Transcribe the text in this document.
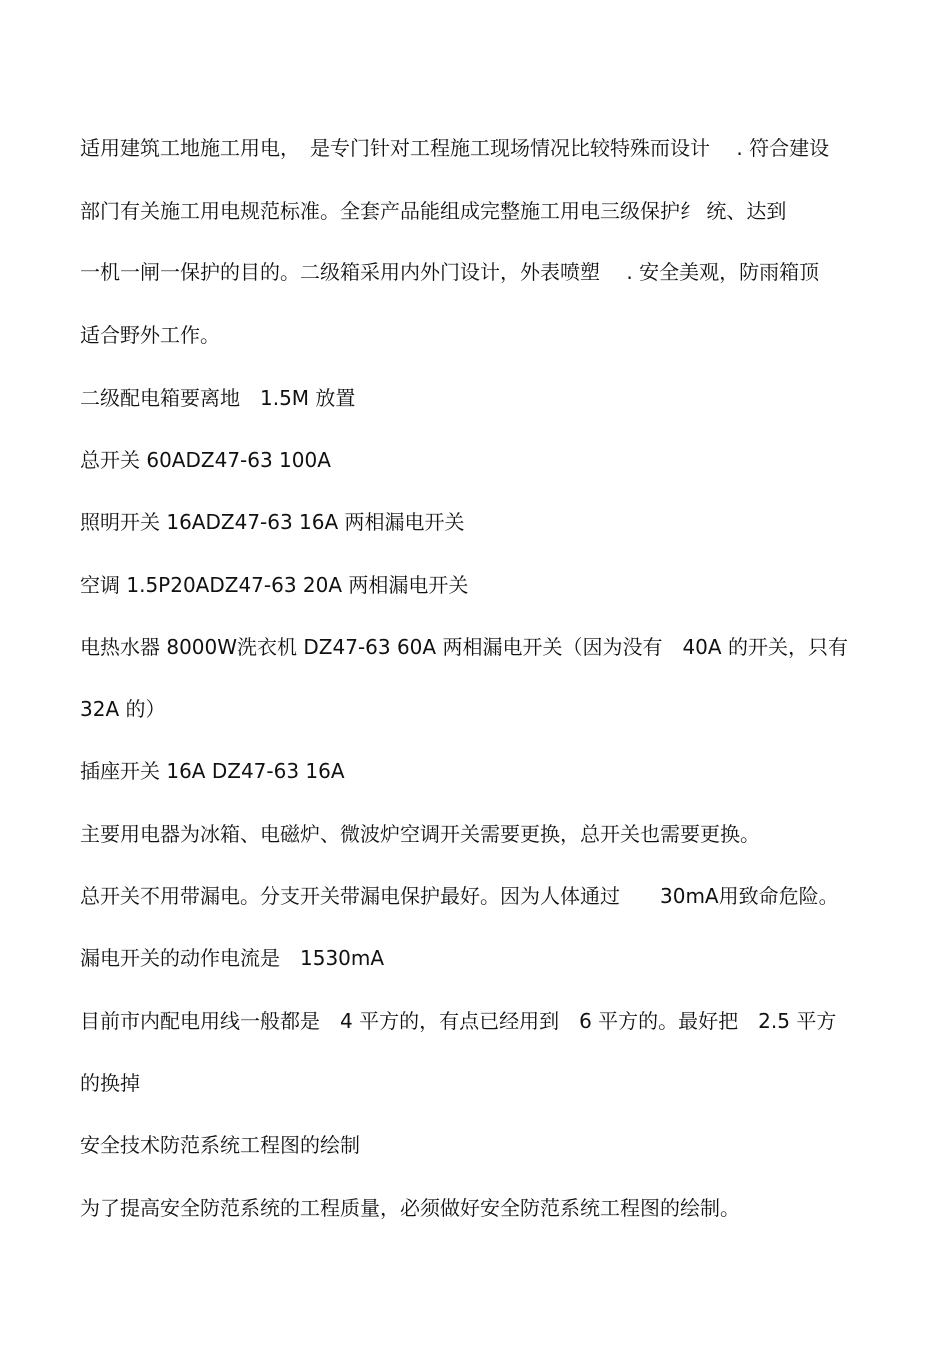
适用建筑工地施工用电，　是专门针对工程施工现场情况比较特殊而设计　 . 符合建设
部门有关施工用电规范标准。全套产品能组成完整施工用电三级保护纟 统、达到
一机一闸一保护的目的。二级箱采用内外门设计，外表喷塑　 . 安全美观，防雨箱顶
适合野外工作。
二级配电箱要离地　1.5M 放置
总开关 60ADZ47-63 100A
照明开关 16ADZ47-63 16A 两相漏电开关
空调 1.5P20ADZ47-63 20A 两相漏电开关
电热水器 8000W洗衣机 DZ47-63 60A 两相漏电开关（因为没有　40A 的开关，只有
32A 的）
插座开关 16A DZ47-63 16A
主要用电器为冰箱、电磁炉、微波炉空调开关需要更换，总开关也需要更换。
总开关不用带漏电。分支开关带漏电保护最好。因为人体通过　　30mA用致命危险。
漏电开关的动作电流是　1530mA
目前市内配电用线一般都是　4 平方的，有点已经用到　6 平方的。最好把　2.5 平方
的换掉
安全技术防范系统工程图的绘制
为了提高安全防范系统的工程质量，必须做好安全防范系统工程图的绘制。
